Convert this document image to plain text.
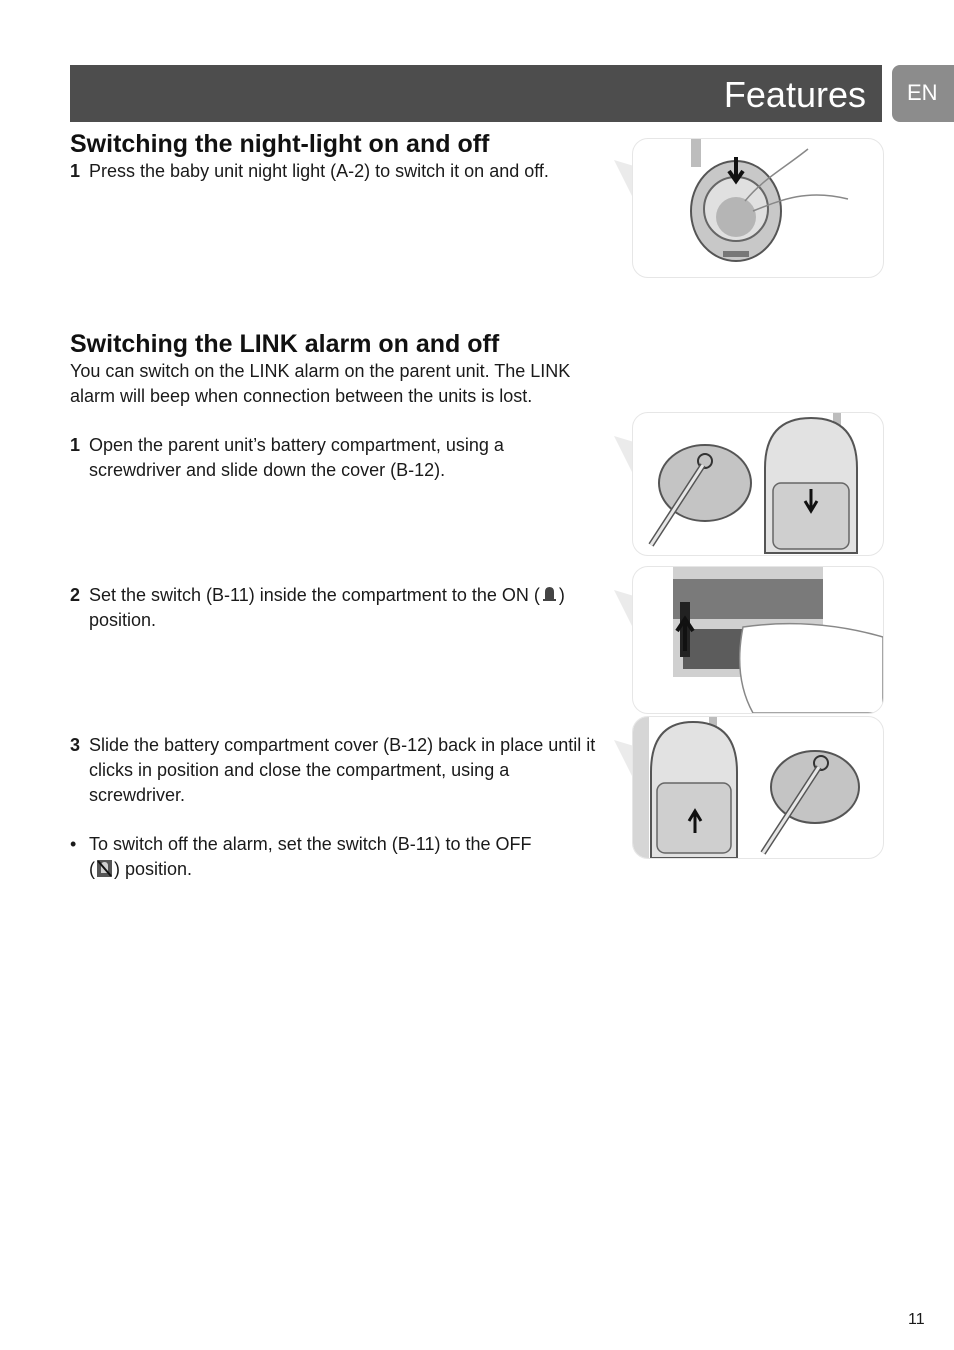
Features EN
Switching the night-light on and off
1 Press the baby unit night light (A-2) to switch it on and off.
Switching the LINK alarm on and off

You can switch on the LINK alarm on the parent unit. The LINK alarm will beep when connection between the units is lost.

1 Open the parent unit’s battery compartment, using a screwdriver and slide down the cover (B-12).
2 Set the switch (B-11) inside the compartment to the ON ( ) position.
3 Slide the battery compartment cover (B-12) back in place until it clicks in position and close the compartment, using a screwdriver.
• To switch off the alarm, set the switch (B-11) to the OFF ( ) position.
11
